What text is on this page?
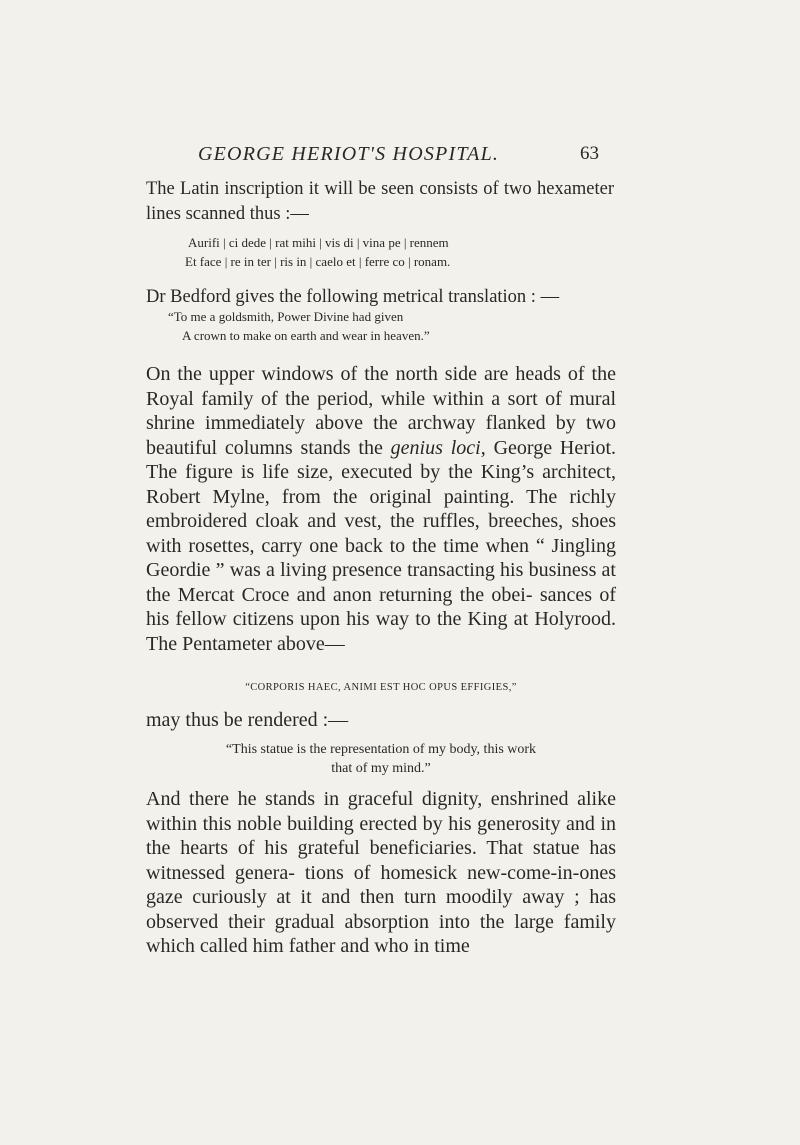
GEORGE HERIOT'S HOSPITAL.	63
The Latin inscription it will be seen consists of two hexameter lines scanned thus :—
Aurifi | ci dede | rat mihi | vis di | vina pe | rennem
Et face | re in ter | ris in | caelo et | ferre co | ronam.
Dr Bedford gives the following metrical translation : —
“To me a goldsmith, Power Divine had given
A crown to make on earth and wear in heaven.”
On the upper windows of the north side are heads of the Royal family of the period, while within a sort of mural shrine immediately above the archway flanked by two beautiful columns stands the genius loci, George Heriot. The figure is life size, executed by the King’s architect, Robert Mylne, from the original painting. The richly embroidered cloak and vest, the ruffles, breeches, shoes with rosettes, carry one back to the time when “ Jingling Geordie ” was a living presence transacting his business at the Mercat Croce and anon returning the obei- sances of his fellow citizens upon his way to the King at Holyrood. The Pentameter above—
“CORPORIS HAEC, ANIMI EST HOC OPUS EFFIGIES,”
may thus be rendered :—
“This statue is the representation of my body, this work
that of my mind.”
And there he stands in graceful dignity, enshrined alike within this noble building erected by his generosity and in the hearts of his grateful beneficiaries. That statue has witnessed genera- tions of homesick new-come-in-ones gaze curiously at it and then turn moodily away ; has observed their gradual absorption into the large family which called him father and who in time
